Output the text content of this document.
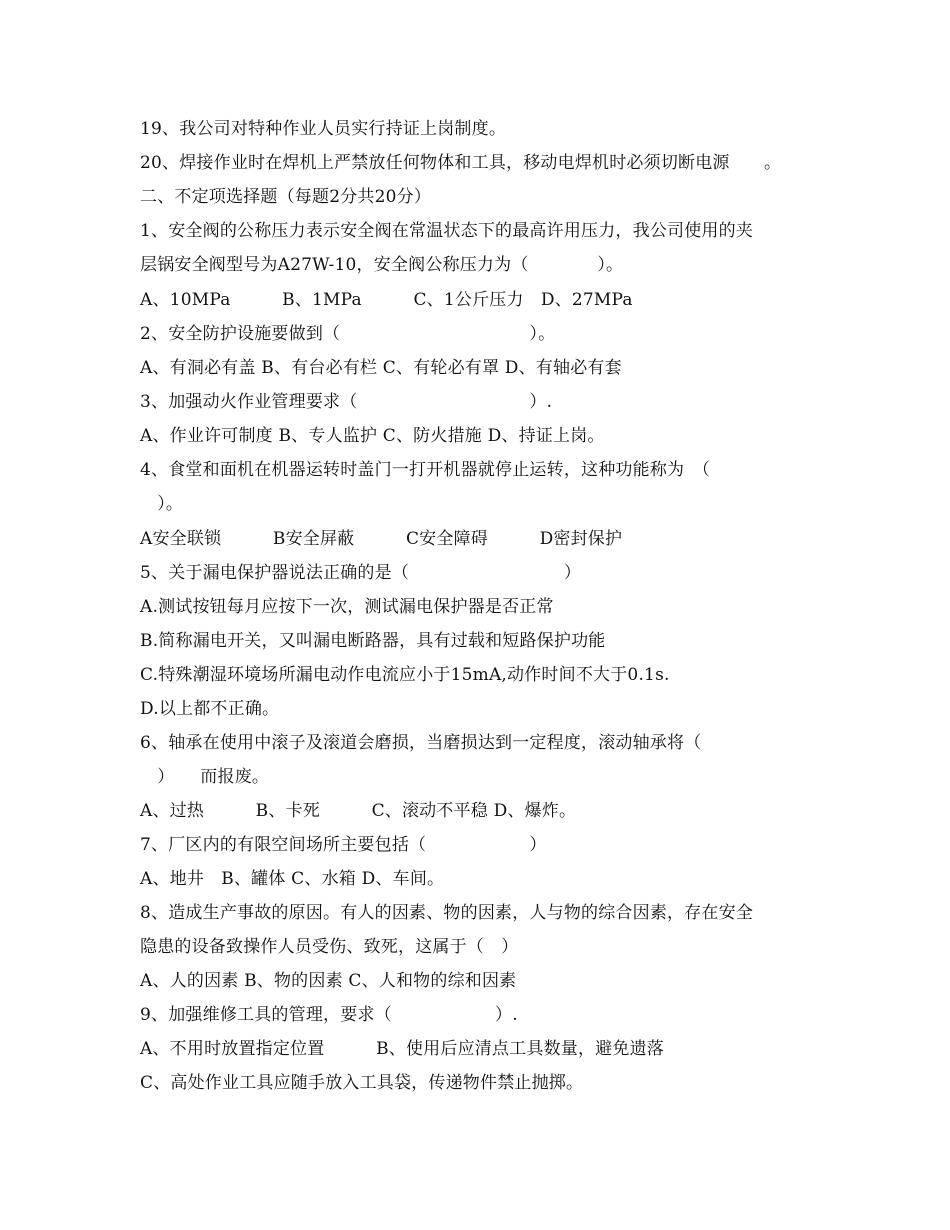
19、我公司对特种作业人员实行持证上岗制度。
20、焊接作业时在焊机上严禁放任何物体和工具，移动电焊机时必须切断电源　　。
二、不定项选择题（每题2分共20分）
1、安全阀的公称压力表示安全阀在常温状态下的最高许用压力，我公司使用的夹
层锅安全阀型号为A27W-10，安全阀公称压力为（　　　　）。
A、10MPa　　　B、1MPa　　　C、1公斤压力　D、27MPa
2、安全防护设施要做到（　　　　　　　　　　　）。
A、有洞必有盖 B、有台必有栏 C、有轮必有罩 D、有轴必有套
3、加强动火作业管理要求（　　　　　　　　　　）.
A、作业许可制度 B、专人监护 C、防火措施 D、持证上岗。
4、食堂和面机在机器运转时盖门一打开机器就停止运转，这种功能称为　（
　）。
A安全联锁　　　B安全屏蔽　　　C安全障碍　　　D密封保护
5、关于漏电保护器说法正确的是（　　　　　　　　　）
A.测试按钮每月应按下一次，测试漏电保护器是否正常
B.简称漏电开关，又叫漏电断路器，具有过载和短路保护功能
C.特殊潮湿环境场所漏电动作电流应小于15mA,动作时间不大于0.1s.
D.以上都不正确。
6、轴承在使用中滚子及滚道会磨损，当磨损达到一定程度，滚动轴承将（
　）　　而报废。
A、过热　　　B、卡死　　　C、滚动不平稳 D、爆炸。
7、厂区内的有限空间场所主要包括（　　　　　　）
A、地井　B、罐体 C、水箱 D、车间。
8、造成生产事故的原因。有人的因素、物的因素，人与物的综合因素，存在安全
隐患的设备致操作人员受伤、致死，这属于（　）
A、人的因素 B、物的因素 C、人和物的综和因素
9、加强维修工具的管理，要求（　　　　　　）.
A、不用时放置指定位置　　　B、使用后应清点工具数量，避免遗落
C、高处作业工具应随手放入工具袋，传递物件禁止抛掷。
